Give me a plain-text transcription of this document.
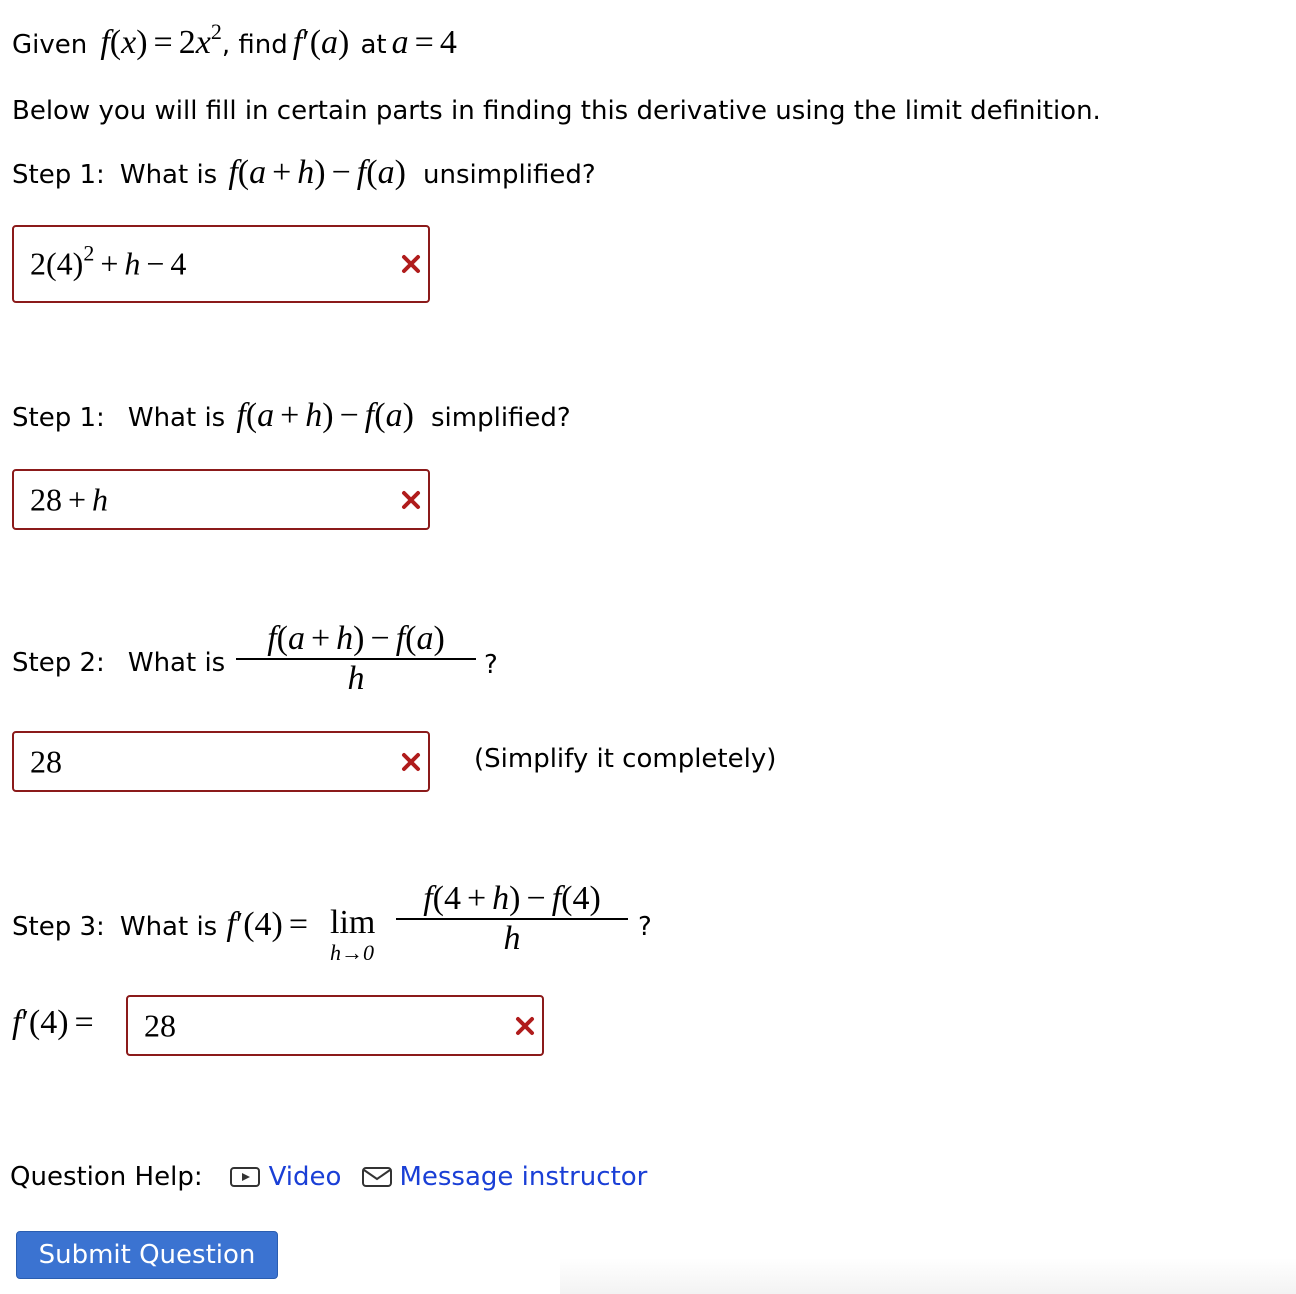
Given $f(x) = 2x^2$, find f′(a) at a = 4
Below you will fill in certain parts in finding this derivative using the limit definition.
Step 1: What is f(a + h) − f(a) unsimplified?
$2(4)^2 + h - 4$
Step 1: What is f(a + h) − f(a) simplified?
28 + h
Step 2: What is
f(a + h) − f(a)
h	?
28	(Simplify it completely)
Step 3: What is f′(4) = lim
h→0
f(4 + h) − f(4)
h	?
f′(4) = 28
Question Help:	Video Message instructor
Submit Question
